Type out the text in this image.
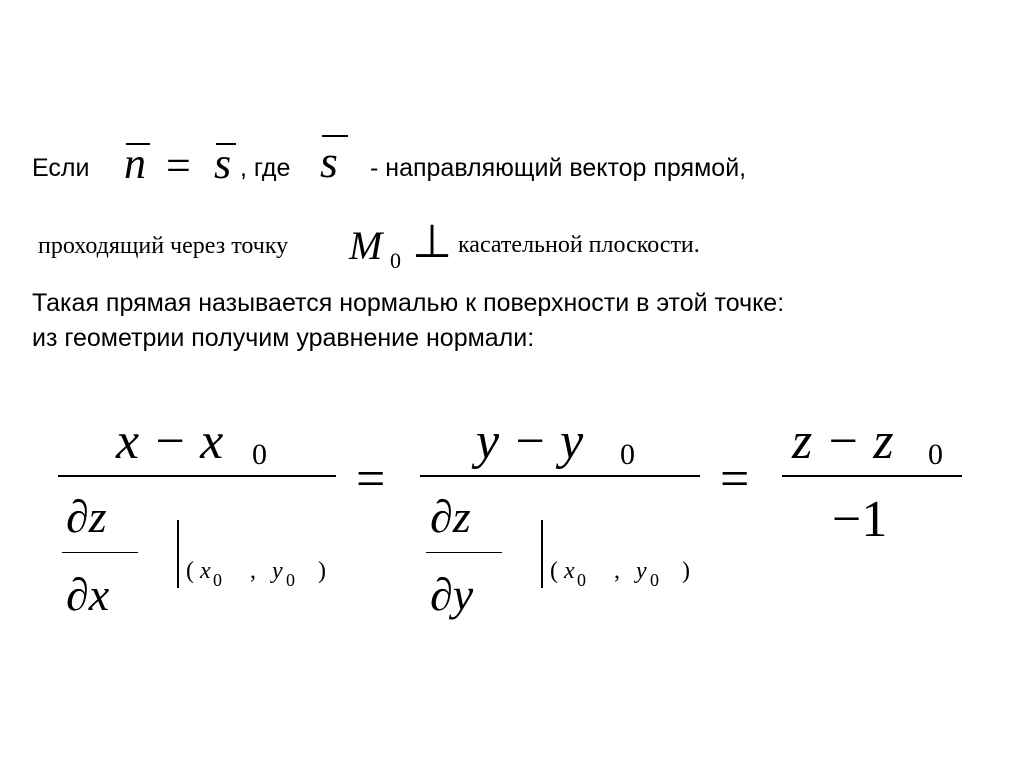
Если n = s , где s - направляющий вектор прямой,
проходящий через точку M 0 ⊥ касательной плоскости.
Такая прямая называется нормалью к поверхности в этой точке:
из геометрии получим уравнение нормали:
x − x 0
∂z
∂x	( x 0 , y 0 )
=
y − y 0
∂z
∂y	( x 0 , y 0 )
=
z − z 0
−1
